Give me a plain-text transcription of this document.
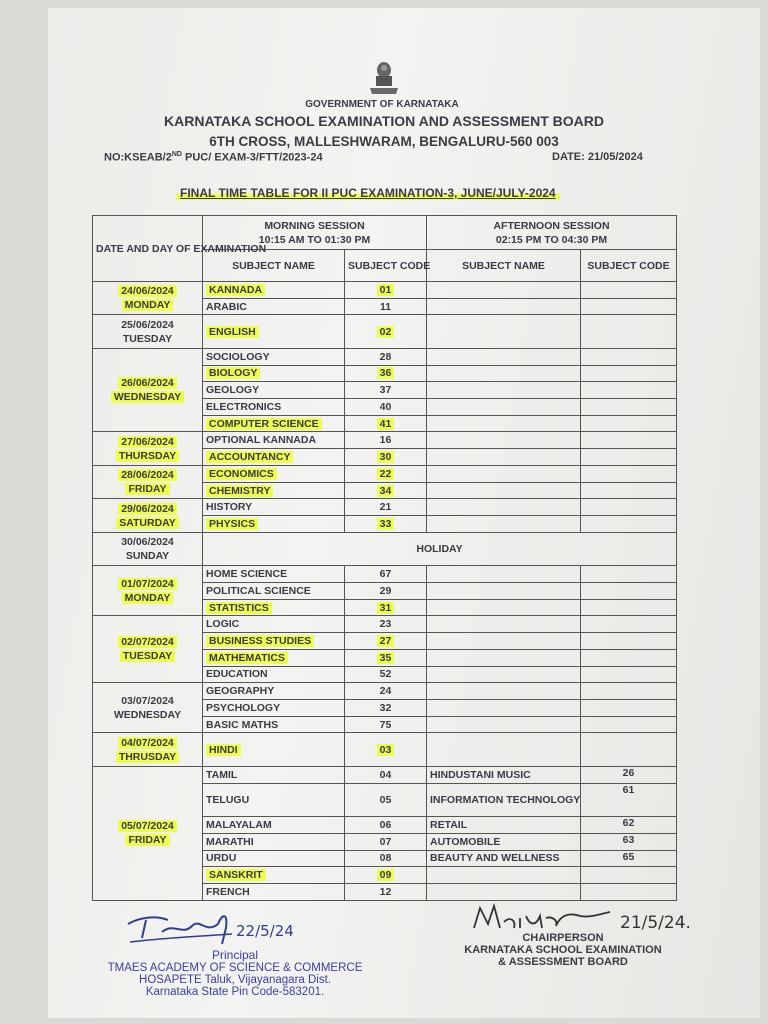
GOVERNMENT OF KARNATAKA
KARNATAKA SCHOOL EXAMINATION AND ASSESSMENT BOARD
6TH CROSS, MALLESHWARAM, BENGALURU-560 003
NO:KSEAB/2ND PUC/ EXAM-3/FTT/2023-24	DATE: 21/05/2024
FINAL TIME TABLE FOR II PUC EXAMINATION-3, JUNE/JULY-2024
DATE AND DAY OF EXAMINATION	MORNING SESSION
10:15 AM TO 01:30 PM		AFTERNOON SESSION
02:15 PM TO 04:30 PM	
	SUBJECT NAME	SUBJECT CODE	SUBJECT NAME	SUBJECT CODE
24/06/2024
MONDAY	KANNADA	01		
	ARABIC	11		
25/06/2024
TUESDAY	ENGLISH	02		
26/06/2024
WEDNESDAY	SOCIOLOGY	28		
	BIOLOGY	36		
	GEOLOGY	37		
	ELECTRONICS	40		
	COMPUTER SCIENCE	41		
27/06/2024
THURSDAY	OPTIONAL KANNADA	16		
	ACCOUNTANCY	30		
28/06/2024
FRIDAY	ECONOMICS	22		
	CHEMISTRY	34		
29/06/2024
SATURDAY	HISTORY	21		
	PHYSICS	33		
30/06/2024
SUNDAY	HOLIDAY			
01/07/2024
MONDAY	HOME SCIENCE	67		
	POLITICAL SCIENCE	29		
	STATISTICS	31		
02/07/2024
TUESDAY	LOGIC	23		
	BUSINESS STUDIES	27		
	MATHEMATICS	35		
	EDUCATION	52		
03/07/2024
WEDNESDAY	GEOGRAPHY	24		
	PSYCHOLOGY	32		
	BASIC MATHS	75		
04/07/2024
THRUSDAY	HINDI	03		
05/07/2024
FRIDAY	TAMIL	04	HINDUSTANI MUSIC	26
	TELUGU	05	INFORMATION TECHNOLOGY	61
	MALAYALAM	06	RETAIL	62
	MARATHI	07	AUTOMOBILE	63
	URDU	08	BEAUTY AND WELLNESS	65
	SANSKRIT	09		
	FRENCH	12		
22/5/24
Principal
TMAES ACADEMY OF SCIENCE & COMMERCE
HOSAPETE Taluk, Vijayanagara Dist.
Karnataka State Pin Code-583201.
21/5/24.
CHAIRPERSON
KARNATAKA SCHOOL EXAMINATION
& ASSESSMENT BOARD
